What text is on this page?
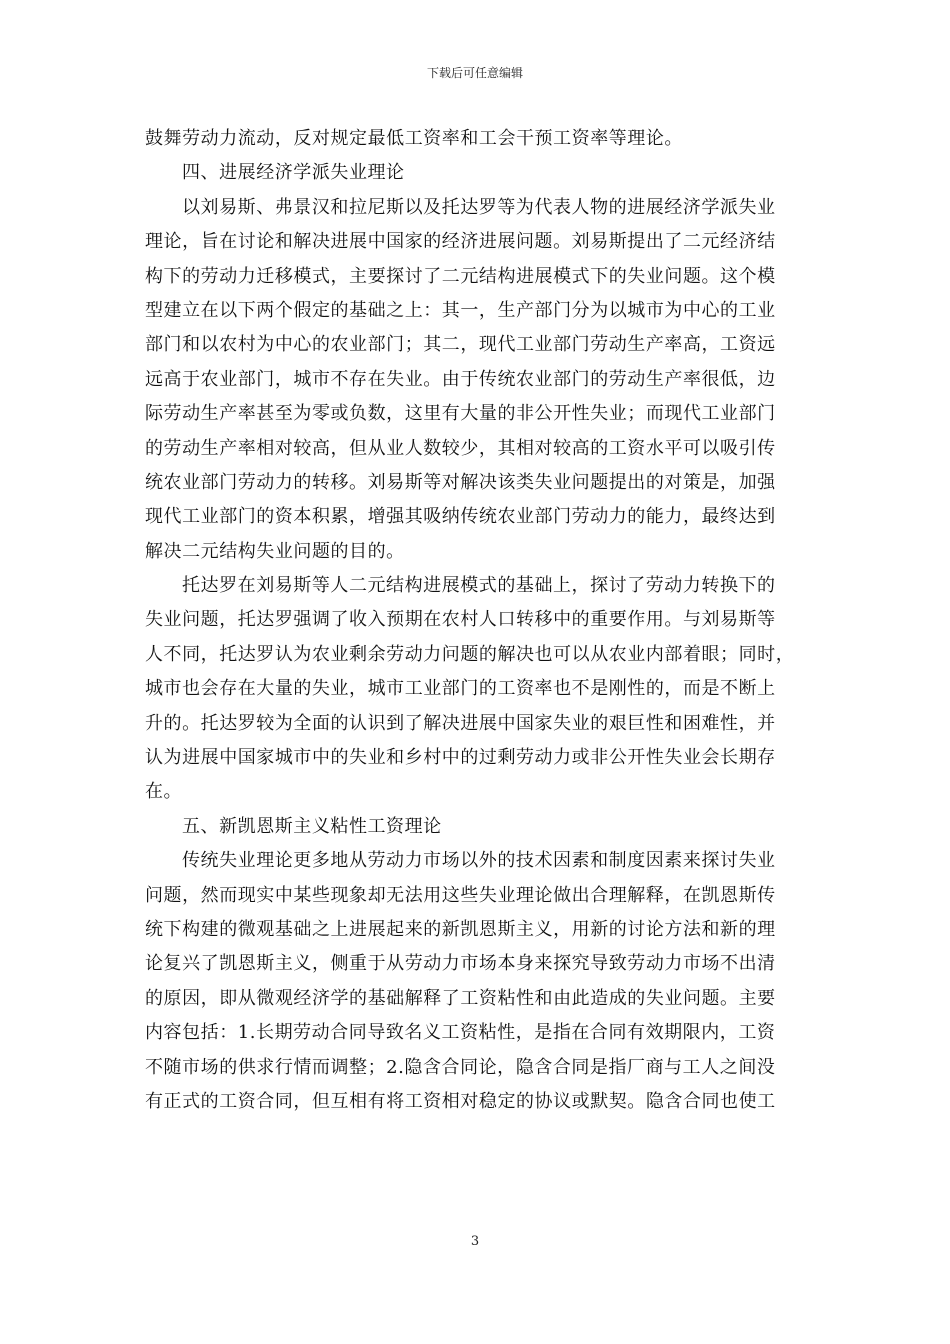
下载后可任意编辑
鼓舞劳动力流动，反对规定最低工资率和工会干预工资率等理论。
四、进展经济学派失业理论
以刘易斯、弗景汉和拉尼斯以及托达罗等为代表人物的进展经济学派失业
理论，旨在讨论和解决进展中国家的经济进展问题。刘易斯提出了二元经济结
构下的劳动力迁移模式，主要探讨了二元结构进展模式下的失业问题。这个模
型建立在以下两个假定的基础之上：其一，生产部门分为以城市为中心的工业
部门和以农村为中心的农业部门；其二，现代工业部门劳动生产率高，工资远
远高于农业部门，城市不存在失业。由于传统农业部门的劳动生产率很低，边
际劳动生产率甚至为零或负数，这里有大量的非公开性失业；而现代工业部门
的劳动生产率相对较高，但从业人数较少，其相对较高的工资水平可以吸引传
统农业部门劳动力的转移。刘易斯等对解决该类失业问题提出的对策是，加强
现代工业部门的资本积累，增强其吸纳传统农业部门劳动力的能力，最终达到
解决二元结构失业问题的目的。
托达罗在刘易斯等人二元结构进展模式的基础上，探讨了劳动力转换下的
失业问题，托达罗强调了收入预期在农村人口转移中的重要作用。与刘易斯等
人不同，托达罗认为农业剩余劳动力问题的解决也可以从农业内部着眼；同时，
城市也会存在大量的失业，城市工业部门的工资率也不是刚性的，而是不断上
升的。托达罗较为全面的认识到了解决进展中国家失业的艰巨性和困难性，并
认为进展中国家城市中的失业和乡村中的过剩劳动力或非公开性失业会长期存
在。
五、新凯恩斯主义粘性工资理论
传统失业理论更多地从劳动力市场以外的技术因素和制度因素来探讨失业
问题，然而现实中某些现象却无法用这些失业理论做出合理解释，在凯恩斯传
统下构建的微观基础之上进展起来的新凯恩斯主义，用新的讨论方法和新的理
论复兴了凯恩斯主义，侧重于从劳动力市场本身来探究导致劳动力市场不出清
的原因，即从微观经济学的基础解释了工资粘性和由此造成的失业问题。主要
内容包括：1.长期劳动合同导致名义工资粘性，是指在合同有效期限内，工资
不随市场的供求行情而调整；2.隐含合同论，隐含合同是指厂商与工人之间没
有正式的工资合同，但互相有将工资相对稳定的协议或默契。隐含合同也使工
3
